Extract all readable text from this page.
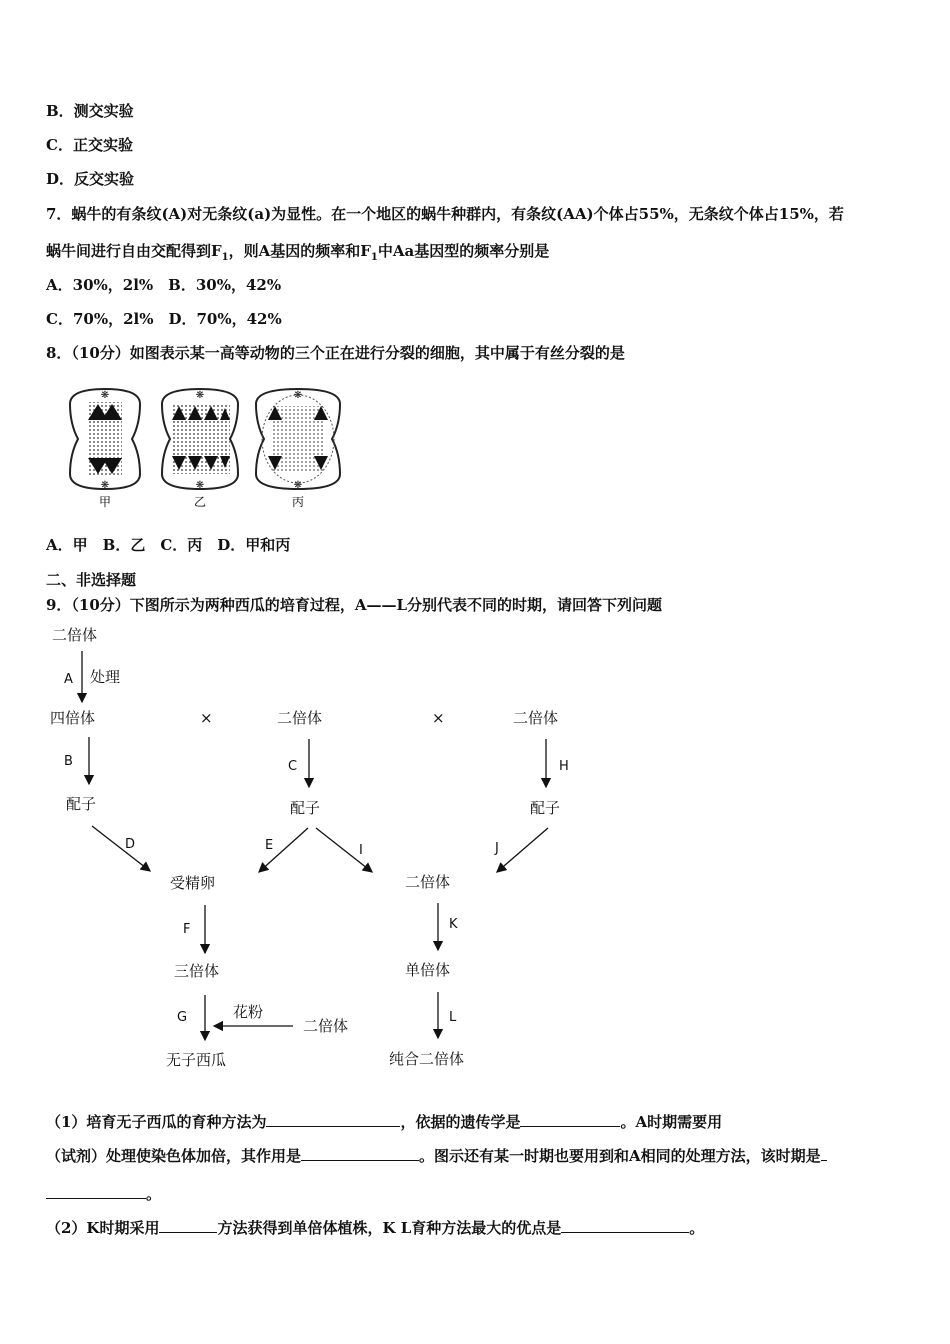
B．测交实验
C．正交实验
D．反交实验
7．蜗牛的有条纹(A)对无条纹(a)为显性。在一个地区的蜗牛种群内，有条纹(AA)个体占55%，无条纹个体占15%，若
蜗牛间进行自由交配得到$F_1$，则A基因的频率和$F_1$中Aa基因型的频率分别是
A．30%，2l%　B．30%，42%
C．70%，2l%　D．70%，42%
8．（10分）如图表示某一高等动物的三个正在进行分裂的细胞，其中属于有丝分裂的是
❋
❋
甲
❋
❋
乙
❋
❋
丙
A．甲　B．乙　C．丙　D．甲和丙
二、非选择题
9．（10分）下图所示为两种西瓜的培育过程，A——L分别代表不同的时期，请回答下列问题
二倍体
A 处理
四倍体	×	二倍体	×	二倍体
B	C	H
配子	配子	配子
D	E	I	J
受精卵	二倍体
F	K
三倍体	单倍体
G	花粉
二倍体	L
无子西瓜	纯合二倍体
（1）培育无子西瓜的育种方法为	，依据的遗传学是	。A时期需要用
（试剂）处理使染色体加倍，其作用是	。图示还有某一时期也要用到和A相同的处理方法，该时期是
。
（2）K时期采用	方法获得到单倍体植株，K L育种方法最大的优点是	。
